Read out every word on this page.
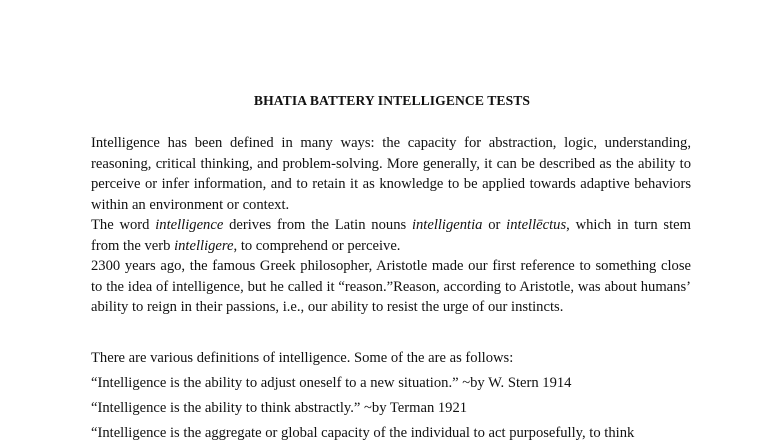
BHATIA BATTERY INTELLIGENCE TESTS

Intelligence has been defined in many ways: the capacity for abstraction, logic, understanding, reasoning, critical thinking, and problem-solving. More generally, it can be described as the ability to perceive or infer information, and to retain it as knowledge to be applied towards adaptive behaviors within an environment or context.

The word intelligence derives from the Latin nouns intelligentia or intellēctus, which in turn stem from the verb intelligere, to comprehend or perceive.

2300 years ago, the famous Greek philosopher, Aristotle made our first reference to something close to the idea of intelligence, but he called it “reason.”Reason, according to Aristotle, was about humans’ ability to reign in their passions, i.e., our ability to resist the urge of our instincts.

There are various definitions of intelligence. Some of the are as follows:

“Intelligence is the ability to adjust oneself to a new situation.” ~by W. Stern 1914

“Intelligence is the ability to think abstractly.” ~by Terman 1921

“Intelligence is the aggregate or global capacity of the individual to act purposefully, to think
